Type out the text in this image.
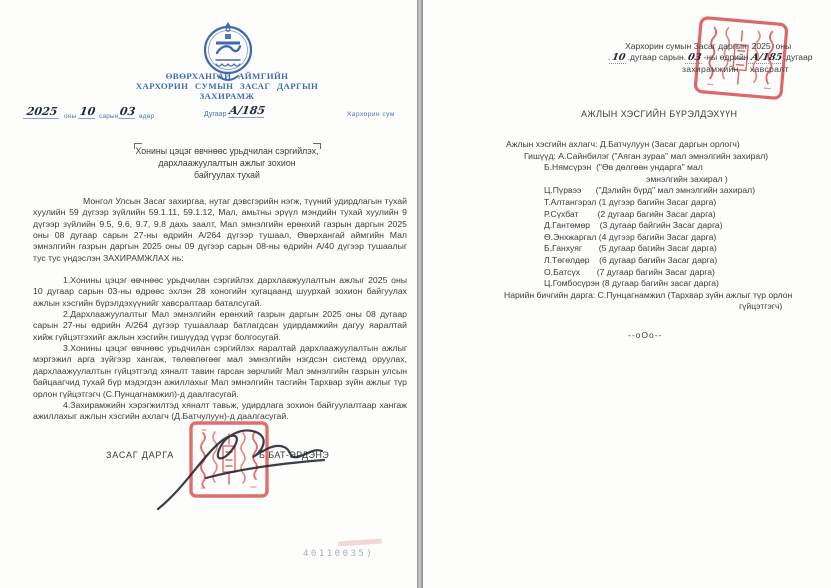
ӨВӨРХАНГАЙ АЙМГИЙН
ХАРХОРИН СУМЫН ЗАСАГ ДАРГЫН
ЗАХИРАМЖ
2025 оны 10 сарын 03 өдөр	Дугаар А/185	Хархорин сум
Хонины цэцэг өвчнөөс урьдчилан сэргийлэх,
дархлаажуулалтын ажлыг зохион
байгуулах тухай

Монгол Улсын Засаг захиргаа, нутаг дэвсгэрийн нэгж, түүний удирдлагын тухай хуулийн 59 дүгээр зүйлийн 59.1.11, 59.1.12, Мал, амьтны эрүүл мэндийн тухай хуулийн 9 дүгээр зүйлийн 9.5, 9.6, 9.7, 9.8 дахь заалт, Мал эмнэлгийн ерөнхий газрын даргын 2025 оны 08 дугаар сарын 27-ны өдрийн А/264 дүгээр тушаал, Өвөрхангай аймгийн Мал эмнэлгийн газрын даргын 2025 оны 09 дүгээр сарын 08-ны өдрийн А/40 дүгээр тушаалыг тус тус үндэслэн ЗАХИРАМЖЛАХ нь:

1.Хонины цэцэг өвчнөөс урьдчилан сэргийлэх дархлаажуулалтын ажлыг 2025 оны 10 дугаар сарын 03-ны өдрөөс эхлэн 28 хоногийн хугацаанд шуурхай зохион байгуулах ажлын хэсгийн бүрэлдэхүүнийг хавсралтаар баталсугай.

2.Дархлаажуулалтыг Мал эмнэлгийн ерөнхий газрын даргын 2025 оны 08 дугаар сарын 27-ны өдрийн А/264 дүгээр тушаалаар батлагдсан удирдамжийн дагуу яаралтай хийж гүйцэтгэхийг ажлын хэсгийн гишүүдэд үүрэг болгосугай.

3.Хонины цэцэг өвчнөөс урьдчилан сэргийлэх яаралтай дархлаажуулалтын ажлыг мэргэжил арга зүйгээр хангаж, төлөвлөгөөг мал эмнэлгийн нэгдсэн системд оруулах, дархлаажуулалтын гүйцэтгэлд хяналт тавин гарсан зөрчлийг Мал эмнэлгийн газрын улсын байцаагчид тухай бүр мэдэгдэн ажиллахыг Мал эмнэлгийн тасгийн Тархвар зүйн ажлыг түр орлон гүйцэтгэгч (С.Пунцагнамжил)-д даалгасугай.

4.Захирамжийн хэрэгжилтэд хяналт тавьж, удирдлага зохион байгуулалтаар хангаж ажиллахыг ажлын хэсгийн ахлагч (Д.Батчулуун)-д даалгасугай.

ЗАСАГ ДАРГА	Б.БАТ-ЭРДЭНЭ
40110035)
Хархорин сумын Засаг даргын  2025  оны
.10.дугаар сарын.03-ны өдрийнА/185.дугаар
захирамжийн  хавсралт
АЖЛЫН ХЭСГИЙН БҮРЭЛДЭХҮҮН
Ажлын хэсгийн ахлагч: Д.Батчулуун (Засаг даргын орлогч)
Гишүүд: А.Сайнбилэг ("Аяган зураа" мал эмнэлгийн захирал)
Б.Нямсүрэн  ("Өв дөлгөөн ундарга" мал
эмнэлгийн захирал )
Ц.Пүрвээ      ("Дэлийн бүрд" мал эмнэлгийн захирал)
Т.Алтангэрэл (1 дүгээр багийн Засаг дарга)
Р.Сүхбат        (2 дугаар багийн Засаг дарга)
Д.Гантөмөр    (3 дугаар байгийн Засаг дарга)
Ө.Энхжаргал (4 дүгээр багийн Засаг дарга)
Б.Ганхуяг       (5 дугаар багийн Засаг дарга)
Л.Төгөлдөр    (6 дугаар багийн Засаг дарга)
О.Батсүх       (7 дугаар багийн Засаг дарга)
Ц.Гомбосүрэн (8 дугаар багийн засаг дарга)
Нарийн бичгийн дарга: С.Пунцагнамжил (Тархвар зүйн ажлыг түр орлон
гүйцэтгэгч)
--оОо--
